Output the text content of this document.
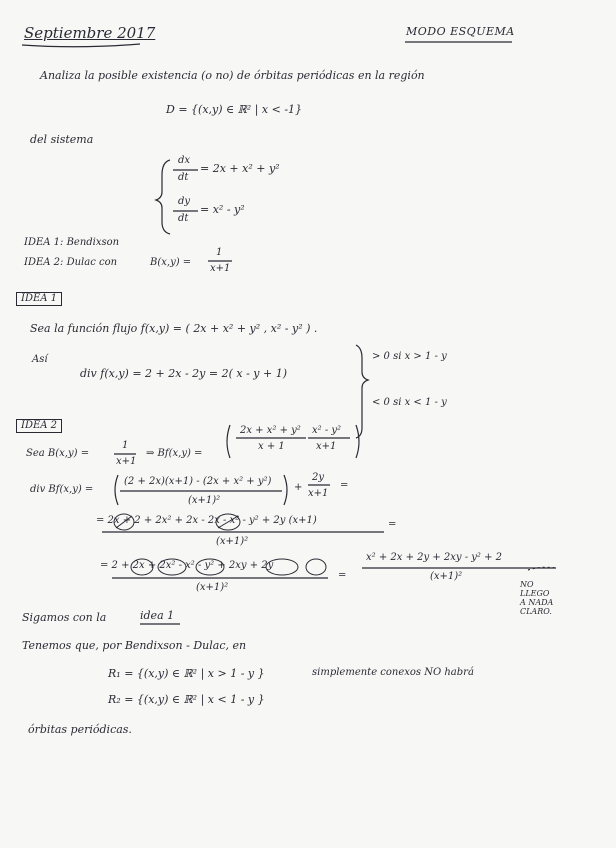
Septiembre 2017	MODO ESQUEMA
Analiza la posible existencia (o no) de órbitas periódicas en la región
D = {(x,y) ∈ ℝ² | x < -1}
del sistema
dx
dt
= 2x + x² + y²
dy
dt
= x² - y²
IDEA 1: Bendixson
IDEA 2: Dulac con	B(x,y) =
1
x+1
IDEA 1
Sea la función flujo f(x,y) = ( 2x + x² + y² , x² - y² ) .
Así
div f(x,y) = 2 + 2x - 2y = 2( x - y + 1)
> 0 si x > 1 - y
< 0 si x < 1 - y
IDEA 2
Sea B(x,y) =
1
x+1
⇒ Bf(x,y) =
2x + x² + y²
x + 1
x² - y²
x+1
div Bf(x,y) =
(2 + 2x)(x+1) - (2x + x² + y²)
(x+1)²
+
2y
x+1
=
= 2x + 2 + 2x² + 2x - 2x - x² - y² + 2y (x+1)
(x+1)²
=
= 2 + 2x + 2x² - x² - y² + 2xy + 2y
(x+1)²
=
x² + 2x + 2y + 2xy - y² + 2
(x+1)²
NO
LLEGO
A NADA
CLARO.
Sigamos con la	idea 1
Tenemos que, por Bendixson - Dulac, en
R₁ = {(x,y) ∈ ℝ² | x > 1 - y }	simplemente conexos NO habrá
R₂ = {(x,y) ∈ ℝ² | x < 1 - y }
órbitas periódicas.
